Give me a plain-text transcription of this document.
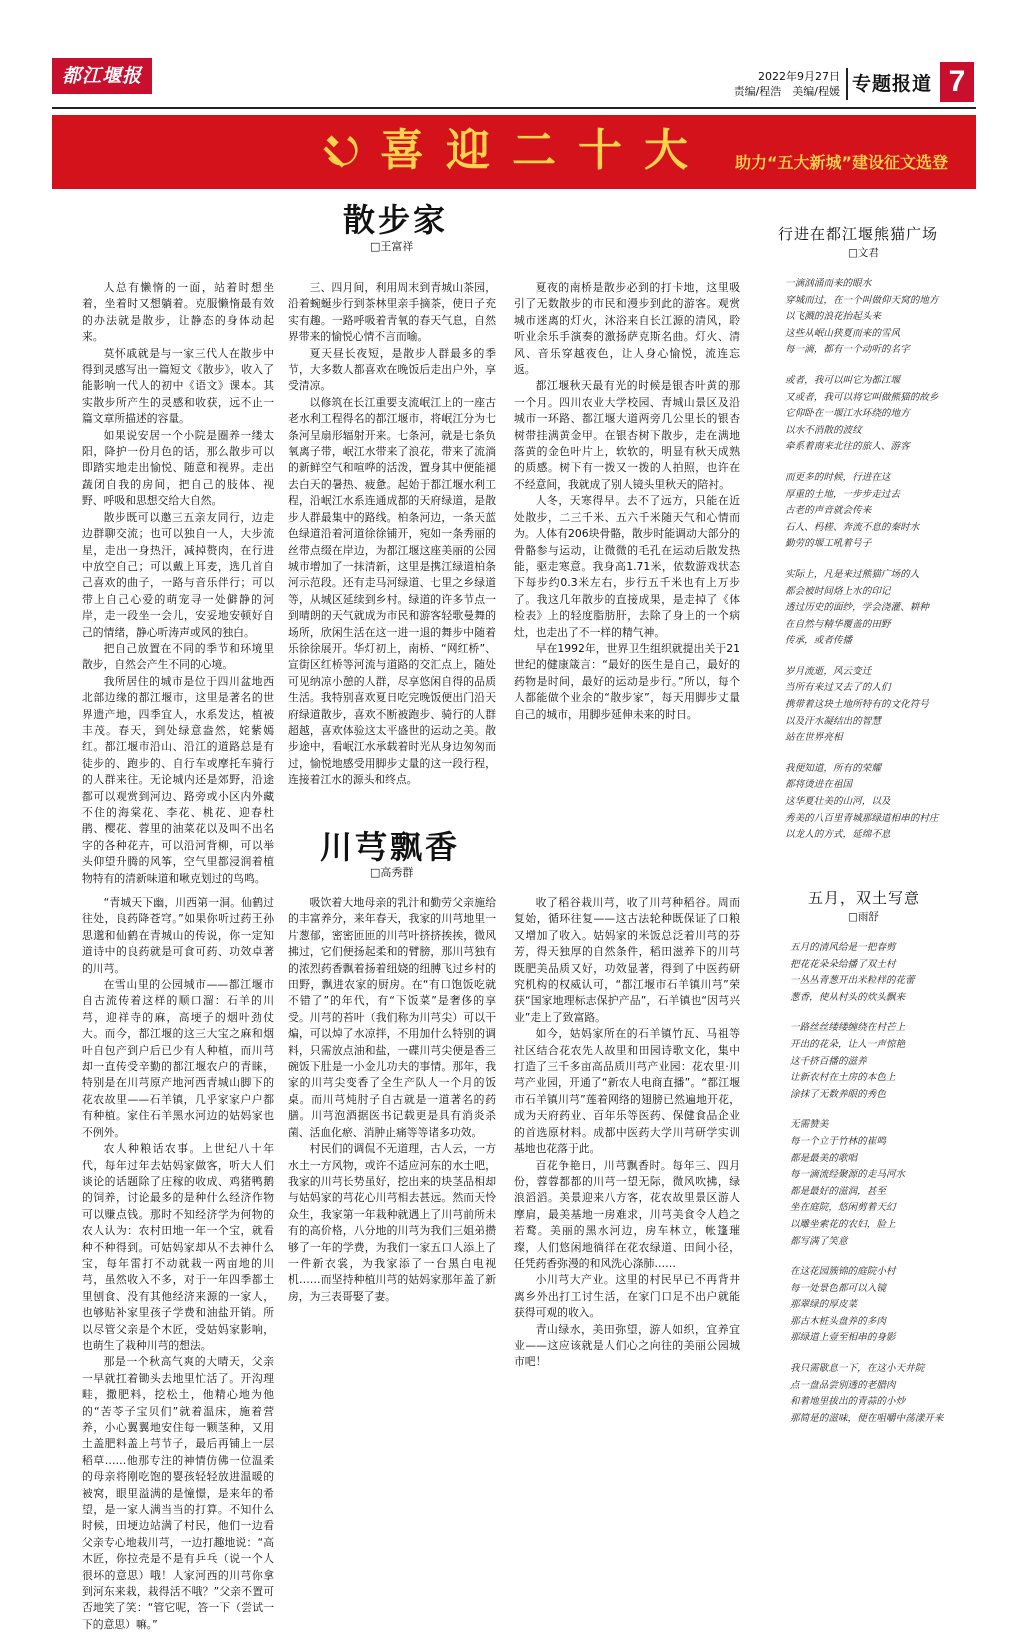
都江堰报	2022年9月27日
责编/程浩　美编/程媛 专题报道 7
喜迎二十大 助力“五大新城”建设征文选登
散步家
□王富祥

人总有懒惰的一面，站着时想坐着，坐着时又想躺着。克服懒惰最有效的办法就是散步，让静态的身体动起来。

莫怀戚就是与一家三代人在散步中得到灵感写出一篇短文《散步》，收入了能影响一代人的初中《语文》课本。其实散步所产生的灵感和收获，远不止一篇文章所描述的容量。

如果说安居一个小院是圈养一缕太阳，降护一份月色的话，那么散步可以即踏实地走出愉悦、随意和视界。走出蔬闭自我的房间，把自己的肢体、视野、呼吸和思想交给大自然。

散步既可以邀三五亲友同行，边走边群聊交流；也可以独自一人，大步流星，走出一身热汗，减掉赘肉，在行进中放空自己；可以戴上耳麦，选几首自己喜欢的曲子，一路与音乐伴行；可以带上自己心爱的萌宠寻一处僻静的河岸，走一段坐一会儿，安妥地安顿好自己的情绪，静心听涛声或风的独白。

把自己放置在不同的季节和环境里散步，自然会产生不同的心境。

我所居住的城市是位于四川盆地西北部边缘的都江堰市，这里是著名的世界遗产地，四季宜人，水系发达，植被丰茂。春天，到处绿意盎然，姹紫嫣红。都江堰市沿山、沿江的道路总是有徒步的、跑步的、自行车或摩托车骑行的人群来往。无论城内还是郊野，沿途都可以观赏到河边、路旁或小区内外藏不住的海棠花、李花、桃花、迎春杜鹃、樱花、蓉里的油菜花以及叫不出名字的各种花卉，可以沿河背柳，可以举头仰望升腾的风筝，空气里都浸润着植物特有的清新味道和啾克划过的鸟鸣。

三、四月间，利用周末到青城山茶园，沿着蜿蜒步行到茶林里亲手摘茶，使日子充实有趣。一路呼吸着青氧的春天气息，自然界带来的愉悦心情不言而喻。

夏天昼长夜短，是散步人群最多的季节，大多数人都喜欢在晚饭后走出户外，享受清凉。

以修筑在长江重要支流岷江上的一座古老水利工程得名的都江堰市，将岷江分为七条河呈扇形辐射开来。七条河，就是七条负氧离子带，岷江水带来了浪花，带来了流淌的新鲜空气和喧哗的活泼，置身其中便能褪去白天的暑热、疲惫。起始于都江堰水利工程，沿岷江水系连通成都的天府绿道，是散步人群最集中的路线。柏条河边，一条天蓝色绿道沿着河道徐徐铺开，宛如一条秀丽的丝带点缀在岸边，为都江堰这座美丽的公园城市增加了一抹清新，这里是携江绿道柏条河示范段。还有走马河绿道、七里之乡绿道等，从城区延续到乡村。绿道的许多节点一到晴朗的天气就成为市民和游客轻歌曼舞的场所，欣闲生活在这一进一退的舞步中随着乐徐徐展开。华灯初上，南桥、“网红桥”、宣街区红桥等河流与道路的交汇点上，随处可见纳凉小憩的人群，尽享悠闲自得的品质生活。我特别喜欢夏日吃完晚饭便出门沿天府绿道散步，喜欢不断被跑步、骑行的人群超越，喜欢体验这太平盛世的运动之美。散步途中，看岷江水承载着时光从身边匆匆而过，愉悦地感受用脚步丈量的这一段行程，连接着江水的源头和终点。

夏夜的南桥是散步必到的打卡地，这里吸引了无数散步的市民和漫步到此的游客。观赏城市迷离的灯火，沐浴来自长江源的清风，聆听业余乐手演奏的激扬萨克斯名曲。灯火、清风、音乐穿越夜色，让人身心愉悦，流连忘返。

都江堰秋天最有光的时候是银杏叶黄的那一个月。四川农业大学校园、青城山景区及沿城市一环路、都江堰大道两旁几公里长的银杏树带挂满黄金甲。在银杏树下散步，走在满地落黄的金色叶片上，软软的，明显有秋天成熟的质感。树下有一拨又一拨的人拍照，也许在不经意间，我就成了别人镜头里秋天的陪衬。

人冬，天寒得早。去不了远方，只能在近处散步，二三千米、五六千米随天气和心情而为。人体有206块骨骼，散步时能调动大部分的骨骼参与运动，让微微的毛孔在运动后散发热能，驱走寒意。我身高1.71米，依数游戏状态下每步约0.3米左右，步行五千米也有上万步了。我这几年散步的直接成果，是走掉了《体检表》上的轻度脂肪肝，去除了身上的一个病灶，也走出了不一样的精气神。

早在1992年，世界卫生组织就提出关于21世纪的健康箴言：“最好的医生是自己，最好的药物是时间，最好的运动是步行。”所以，每个人都能做个业余的“散步家”，每天用脚步丈量自己的城市，用脚步延伸未来的时日。

行进在都江堰熊猫广场
□文君
一滴汹涌而来的眼水
穿城而过，在一个叫做仰天窝的地方
以飞溅的浪花抬起头来
这些从岷山狭夏而来的雪风
每一滴，都有一个动听的名字
或者，我可以叫它为都江堰
又或者，我可以将它叫做熊猫的故乡
它仰卧在一堰江水环绕的地方
以水不消散的波纹
牵系着南来北往的旅人、游客
而更多的时候，行进在这
厚重的土地，一步步走过去
古老的声音就会传来
石人、杩槎、奔流不息的秦时水
勤劳的堰工吼着号子
实际上，凡是来过熊猫广场的人
都会被时间烙上水的印记
透过历史的面纱，学会浇灌、耕种
在自然与精华覆盖的田野
传承，或者传播
岁月流逝，风云变迁
当所有来过又去了的人们
携带着这块土地所特有的文化符号
以及汗水凝结出的智慧
站在世界亮相
我便知道，所有的荣耀
都将烫进在祖国
这华夏壮美的山河，以及
秀美的八百里青城那绿道相串的村庄
以龙人的方式，延绵不息
川芎飘香
□高秀群

“青城天下幽，川西第一洞。仙鹤过往处，良药降苍穹。”如果你听过药王孙思邈和仙鹤在青城山的传说，你一定知道诗中的良药就是可食可药、功效卓著的川芎。

在雪山里的公园城市——都江堰市自古流传着这样的顺口溜：石羊的川芎，迎祥寺的麻，高埂子的烟叶劲仗大。而今，都江堰的这三大宝之麻和烟叶自包产到户后已少有人种植，而川芎却一直传受辛勤的都江堰农户的青睐，特别是在川芎原产地河西青城山脚下的花农故里——石羊镇，几乎家家户户都有种植。家住石羊黑水河边的姑妈家也不例外。

农人种粮话农事。上世纪八十年代，每年过年去姑妈家做客，听大人们谈论的话题除了庄稼的收成、鸡猪鸭鹅的饲养，讨论最多的是种什么经济作物可以赚点钱。那时不知经济学为何物的农人认为：农村田地一年一个宝，就看种不种得到。可姑妈家却从不去神什么宝，每年雷打不动就栽一两亩地的川芎，虽然收入不多，对于一年四季都土里刨食、没有其他经济来源的一家人，也够贴补家里孩子学费和油盐开销。所以尽管父亲是个木匠，受姑妈家影响，也萌生了栽种川芎的想法。

那是一个秋高气爽的大晴天，父亲一早就扛着锄头去地里忙活了。开沟理畦，撒肥料，挖松土，他精心地为他的“苦苓子宝贝们”就着温床，施着营养，小心翼翼地安住每一颗茎种，又用土盖肥料盖上芎节子，最后再铺上一层稻草……他那专注的神情仿佛一位温柔的母亲将刚吃饱的婴孩轻轻放进温暖的被窝，眼里溢满的是憧憬，是来年的希望，是一家人满当当的打算。不知什么时候，田埂边站满了村民，他们一边看父亲专心地栽川芎，一边打趣地说：“高木匠，你拉壳是不是有乒乓（说一个人很坏的意思）哦！人家河西的川芎你拿到河东来栽，栽得活不哦？”父亲不置可否地笑了笑：“管它呢，答一下（尝试一下的意思）嘛。”

吸饮着大地母亲的乳汁和勤劳父亲施给的丰富养分，来年春天，我家的川芎地里一片葱郁，密密匝匝的川芎叶挤挤挨挨，微风拂过，它们便扬起柔和的臂膀，那川芎独有的浓烈药香飘着扬着纽娆的纽膊飞过乡村的田野，飘进农家的厨房。在“有口饱饭吃就不错了”的年代，有“下饭菜”是奢侈的享受。川芎的苔叶（我们称为川芎尖）可以干煸，可以焯了水凉拌，不用加什么特别的调料，只需放点油和盐，一碟川芎尖便是香三碗饭下肚是一小金儿功夫的事情。那年，我家的川芎尖变香了全生产队人一个月的饭桌。而川芎炖肘子自古就是一道著名的药膳。川芎泡酒据医书记载更是具有消炎杀菌、活血化瘀、消肿止痛等等诸多功效。

村民们的调侃不无道理，古人云，一方水土一方风物，或许不适应河东的水土吧，我家的川芎长势虽好，挖出来的块茎品相却与姑妈家的芎花心川芎相去甚远。然而天怜众生，我家第一年栽种就遇上了川芎前所未有的高价格，八分地的川芎为我们三姐弟攒够了一年的学费，为我们一家五口人添上了一件新衣裳，为我家添了一台黑白电视机……而坚持种植川芎的姑妈家那年盖了新房，为三表哥娶了妻。

收了稻谷栽川芎，收了川芎种稻谷。周而复始，循环往复——这古法轮种既保证了口粮又增加了收入。姑妈家的米饭总泛着川芎的芬芳，得天独厚的自然条件，稻田滋养下的川芎既肥美品质又好，功效显著，得到了中医药研究机构的权威认可，“都江堰市石羊镇川芎”荣获“国家地理标志保护产品”，石羊镇也“因芎兴业”走上了致富路。

如今，姑妈家所在的石羊镇竹瓦、马祖等社区结合花农先人故里和田园诗歌文化，集中打造了三千多亩高品质川芎产业园：花农里·川芎产业园，开通了“新农人电商直播”。“都江堰市石羊镇川芎”莲着网络的翅膀已然遍地开花，成为天府药业、百年乐等医药、保健食品企业的首选原材料。成都中医药大学川芎研学实训基地也花落于此。

百花争艳日，川芎飘香时。每年三、四月份，蓉蓉都都的川芎一望无际，微风吹拂，绿浪滔滔。美景迎来八方客，花农故里景区游人摩肩，最美基地一房难求，川芎美食令人趋之若鹜。美丽的黑水河边，房车林立，帐篷璀璨，人们悠闲地徜徉在花农绿道、田间小径，任凭药香弥漫的和风洗心涤肺……

小川芎大产业。这里的村民早已不再背井离乡外出打工讨生活，在家门口足不出户就能获得可观的收入。

青山绿水，美田弥望，游人如织，宜养宜业——这应该就是人们心之向往的美丽公园城市吧！

五月，双土写意
□雨舒
五月的清风给是一把春剪
把花花朵朵给播了双土村
一丛丛青葱开出米粒样的花蕾
葱香，使从村头的炊头飘来
一路丝丝缕缕缠绕在村芒上
开出的花朵，让人一声惊艳
这千挤百播的滋养
让新农村在土房的本色上
涂抹了无数养眼的秀色
无需赞美
每一个立于竹林的崔鸣
都是最美的歌唱
每一滴流经聚源的走马河水
都是最好的滋润，甚至
坐在庭院，悠闲剪着天幻
以雕坐索花的农妇，脸上
都写满了笑意
在这花园簇锦的庭院小村
每一处景色都可以入镜
那翠绿的厚皮菜
那古木桩头盘养的多肉
那绿道上壹至相串的身影
我只需歇息一下，在这小天井院
点一盘品尝别透的老腊肉
和着地里拔出的青蒜的小炒
那简是的滋味，便在咀嚼中荡漾开来
